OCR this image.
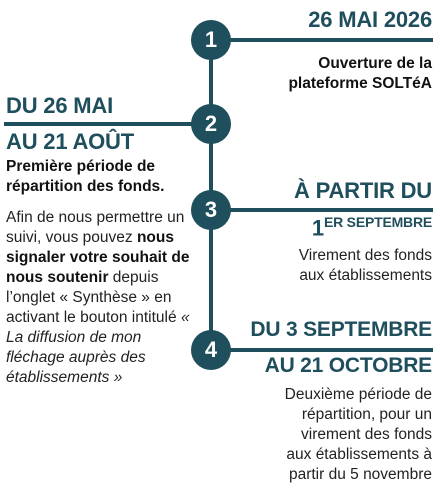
1
2
3
4
26 MAI 2026
Ouverture de la
plateforme SOLTéA
DU 26 MAI
AU 21 AOÛT
Première période de
répartition des fonds.
Afin de nous permettre un suivi, vous pouvez nous signaler votre souhait de nous soutenir depuis l’onglet « Synthèse » en activant le bouton intitulé « La diffusion de mon fléchage auprès des établissements »
À PARTIR DU
$1^{ER SEPTEMBRE}$
Virement des fonds
aux établissements
DU 3 SEPTEMBRE
AU 21 OCTOBRE
Deuxième période de
répartition, pour un
virement des fonds
aux établissements à
partir du 5 novembre
